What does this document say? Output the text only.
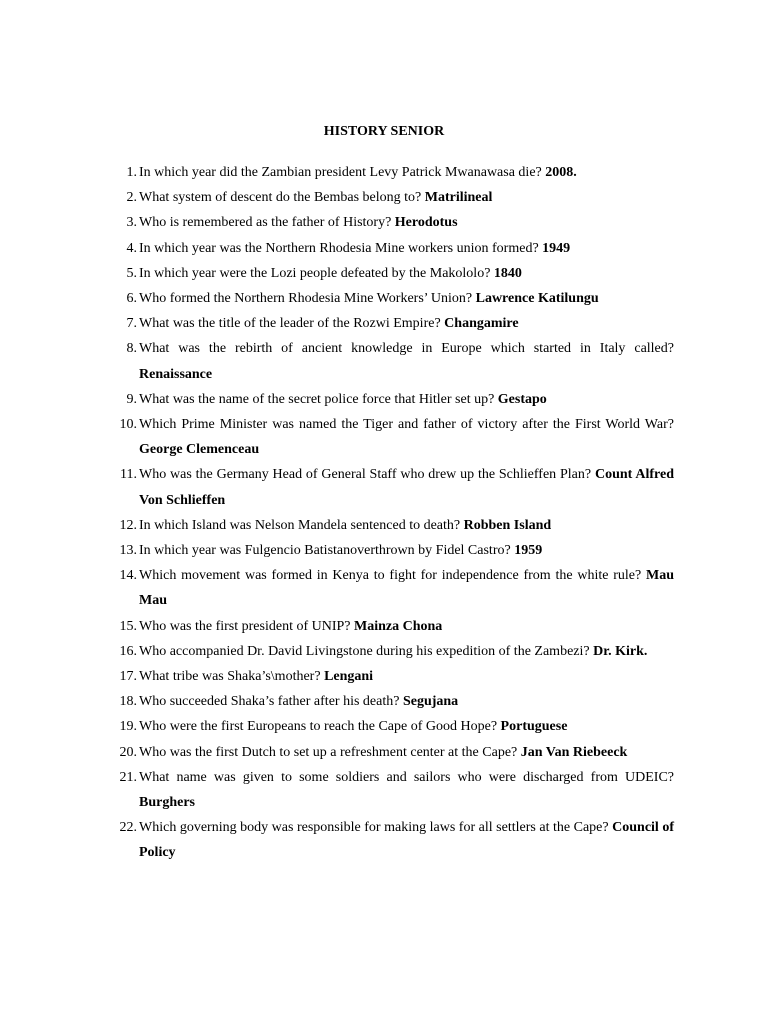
HISTORY SENIOR
1. In which year did the Zambian president Levy Patrick Mwanawasa die? 2008.
2. What system of descent do the Bembas belong to? Matrilineal
3. Who is remembered as the father of History? Herodotus
4. In which year was the Northern Rhodesia Mine workers union formed? 1949
5. In which year were the Lozi people defeated by the Makololo? 1840
6. Who formed the Northern Rhodesia Mine Workers’ Union? Lawrence Katilungu
7. What was the title of the leader of the Rozwi Empire? Changamire
8. What was the rebirth of ancient knowledge in Europe which started in Italy called? Renaissance
9. What was the name of the secret police force that Hitler set up? Gestapo
10. Which Prime Minister was named the Tiger and father of victory after the First World War? George Clemenceau
11. Who was the Germany Head of General Staff who drew up the Schlieffen Plan? Count Alfred Von Schlieffen
12. In which Island was Nelson Mandela sentenced to death? Robben Island
13. In which year was Fulgencio Batistanoverthrown by Fidel Castro? 1959
14. Which movement was formed in Kenya to fight for independence from the white rule? Mau Mau
15. Who was the first president of UNIP? Mainza Chona
16. Who accompanied Dr. David Livingstone during his expedition of the Zambezi? Dr. Kirk.
17. What tribe was Shaka’s\mother? Lengani
18. Who succeeded Shaka’s father after his death? Segujana
19. Who were the first Europeans to reach the Cape of Good Hope? Portuguese
20. Who was the first Dutch to set up a refreshment center at the Cape? Jan Van Riebeeck
21. What name was given to some soldiers and sailors who were discharged from UDEIC? Burghers
22. Which governing body was responsible for making laws for all settlers at the Cape? Council of Policy
